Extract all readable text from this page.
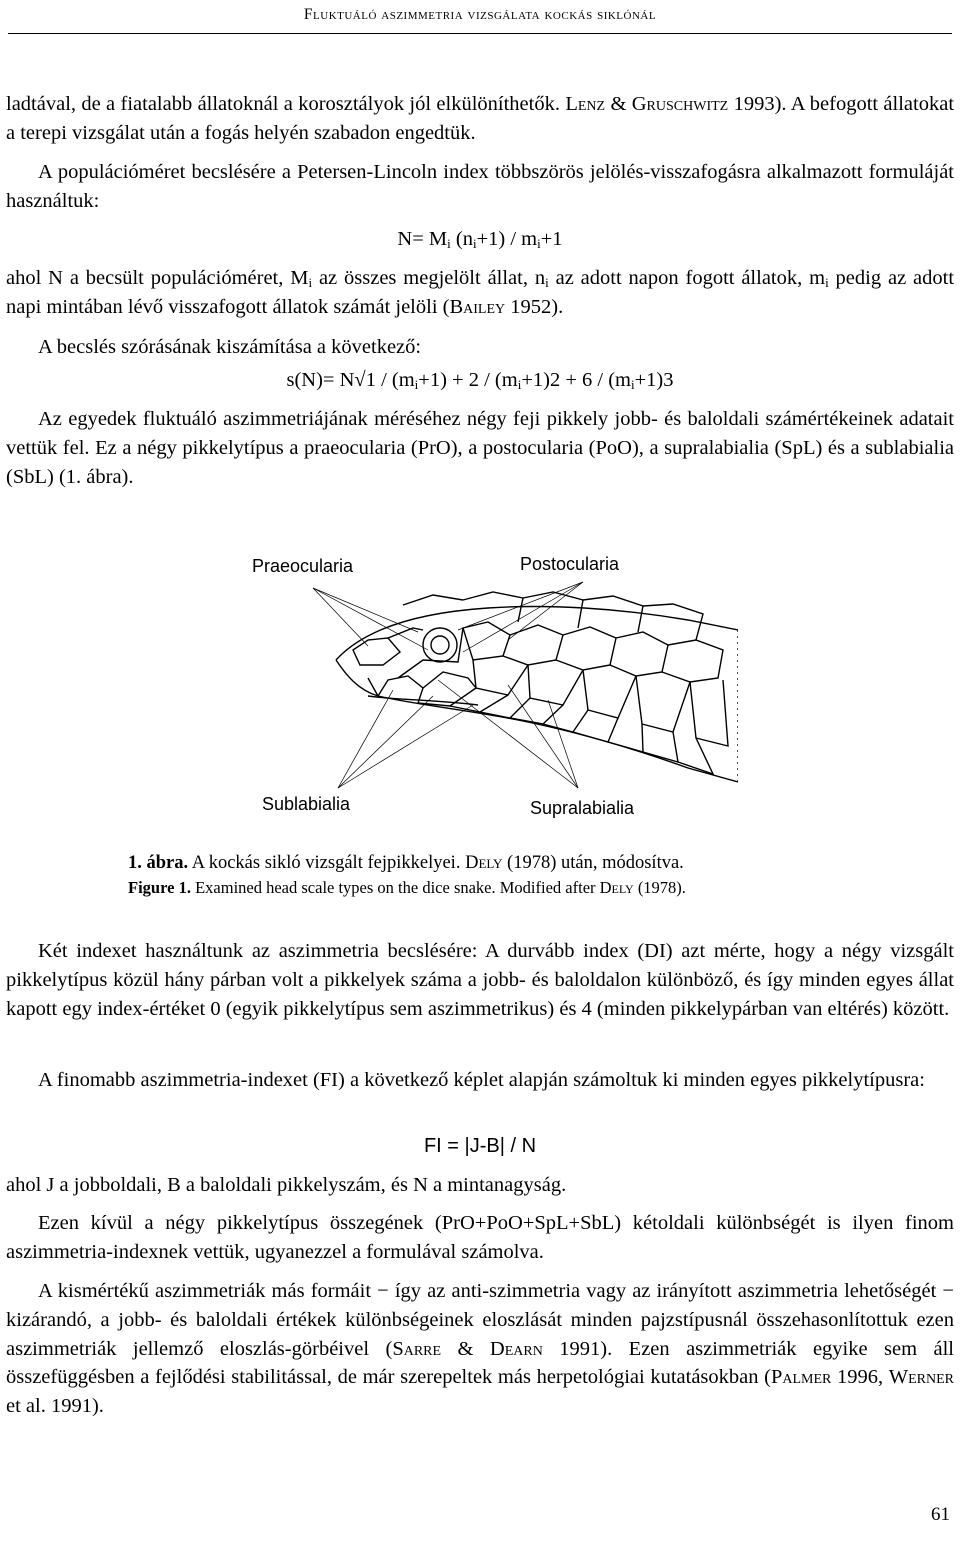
Fluktuáló aszimmetria vizsgálata kockás siklónál
ladtával, de a fiatalabb állatoknál a korosztályok jól elkülöníthetők. Lenz & Gruschwitz 1993). A befogott állatokat a terepi vizsgálat után a fogás helyén szabadon engedtük.
A populációméret becslésére a Petersen-Lincoln index többszörös jelölés-visszafogásra alkalmazott formuláját használtuk:
$N= M_i$ $(n_i+1) / m_i+1$
ahol N a becsült populációméret, $M_i$ az összes megjelölt állat, $n_i$ az adott napon fogott állatok, $m_i$ pedig az adott napi mintában lévő visszafogott állatok számát jelöli (Bailey 1952).
A becslés szórásának kiszámítása a következő:
$s(N)= N√1 / (m_i+1) + 2 / (m_i+1)2 + 6 / (m_i+1)3$
Az egyedek fluktuáló aszimmetriájának méréséhez négy feji pikkely jobb- és baloldali számértékeinek adatait vettük fel. Ez a négy pikkelytípus a praeocularia (PrO), a postocularia (PoO), a supralabialia (SpL) és a sublabialia (SbL) (1. ábra).
Praeocularia	Postocularia
Sublabialia	Supralabialia
1. ábra. A kockás sikló vizsgált fejpikkelyei. Dely (1978) után, módosítva.
Figure 1. Examined head scale types on the dice snake. Modified after Dely (1978).
Két indexet használtunk az aszimmetria becslésére: A durvább index (DI) azt mérte, hogy a négy vizsgált pikkelytípus közül hány párban volt a pikkelyek száma a jobb- és baloldalon különböző, és így minden egyes állat kapott egy index-értéket 0 (egyik pikkelytípus sem aszimmetrikus) és 4 (minden pikkelypárban van eltérés) között.
A finomabb aszimmetria-indexet (FI) a következő képlet alapján számoltuk ki minden egyes pikkelytípusra:
FI = |J-B| / N
ahol J a jobboldali, B a baloldali pikkelyszám, és N a mintanagyság.
Ezen kívül a négy pikkelytípus összegének (PrO+PoO+SpL+SbL) kétoldali különbségét is ilyen finom aszimmetria-indexnek vettük, ugyanezzel a formulával számolva.
A kismértékű aszimmetriák más formáit − így az anti-szimmetria vagy az irányított aszimmetria lehetőségét − kizárandó, a jobb- és baloldali értékek különbségeinek eloszlását minden pajzstípusnál összehasonlítottuk ezen aszimmetriák jellemző eloszlás-görbéivel (Sarre & Dearn 1991). Ezen aszimmetriák egyike sem áll összefüggésben a fejlődési stabilitással, de már szerepeltek más herpetológiai kutatásokban (Palmer 1996, Werner et al. 1991).
61
